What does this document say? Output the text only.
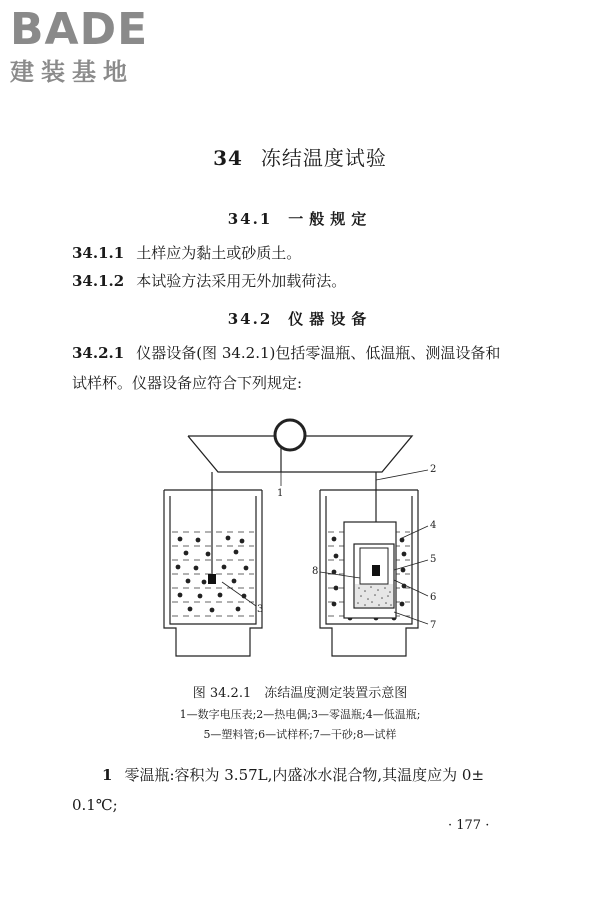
BADE
建装基地
34 冻结温度试验
34.1 一般规定
34.1.1 土样应为黏土或砂质土。
34.1.2 本试验方法采用无外加载荷法。
34.2 仪器设备
34.2.1 仪器设备(图 34.2.1)包括零温瓶、低温瓶、测温设备和
试样杯。仪器设备应符合下列规定:
1
2
3
4
5
6
7
8
图 34.2.1　冻结温度测定装置示意图
1—数字电压表;2—热电偶;3—零温瓶;4—低温瓶;
5—塑料管;6—试样杯;7—干砂;8—试样
1 零温瓶:容积为 3.57L,内盛冰水混合物,其温度应为 0±
0.1℃;
· 177 ·
